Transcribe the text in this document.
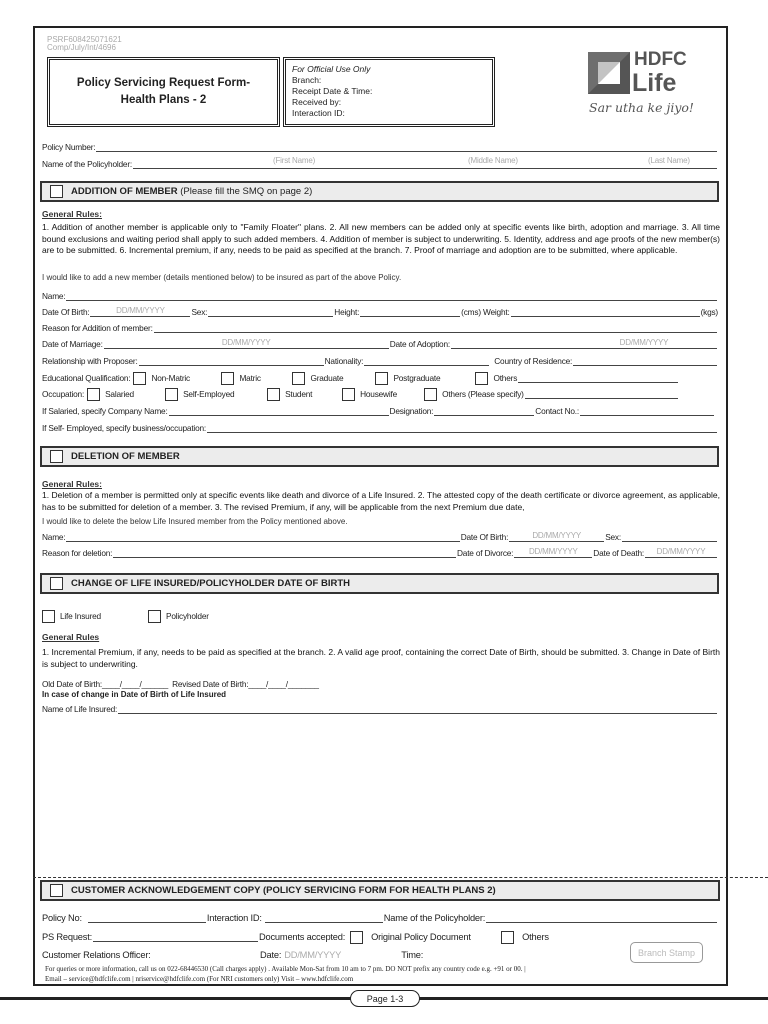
PSRF608425071621
Comp/July/Int/4696
Policy Servicing Request Form-
Health Plans - 2
For Official Use Only
Branch:
Receipt Date & Time:
Received by:
Interaction ID:
HDFC
Life
Sar utha ke jiyo!
Policy Number:
Name of the Policyholder:	(First Name)	(Middle Name)	(Last Name)
ADDITION OF MEMBER (Please fill the SMQ on page 2)
General Rules:
1. Addition of another member is applicable only to "Family Floater" plans. 2. All new members can be added only at specific events like birth, adoption and marriage. 3. All time bound exclusions and waiting period shall apply to such added members. 4. Addition of member is subject to underwriting. 5. Identity, address and age proofs of the new member(s) are to be submitted. 6. Incremental premium, if any, needs to be paid as specified at the branch. 7. Proof of marriage and adoption are to be submitted, where applicable.
I would like to add a new member (details mentioned below) to be insured as part of the above Policy.
Name:
Date Of Birth:	DD/MM/YYYY	Sex:	Height:	(cms) Weight:	(kgs)
Reason for Addition of member:
Date of Marriage:	DD/MM/YYYY	Date of Adoption:	DD/MM/YYYY
Relationship with Proposer:	Nationality:	Country of Residence:
Educational Qualification:	Non-Matric	Matric	Graduate	Postgraduate	Others
Occupation:	Salaried	Self-Employed	Student	Housewife	Others (Please specify)
If Salaried, specify Company Name:	Designation:	Contact No.:
If Self- Employed, specify business/occupation:
DELETION OF MEMBER
General Rules:
1. Deletion of a member is permitted only at specific events like death and divorce of a Life Insured. 2. The attested copy of the death certificate or divorce agreement, as applicable, has to be submitted for deletion of a member. 3. The revised Premium, if any, will be applicable from the next Premium due date,
I would like to delete the below Life Insured member from the Policy mentioned above.
Name:	Date Of Birth:	DD/MM/YYYY	Sex:
Reason for deletion:	Date of Divorce:	DD/MM/YYYY	Date of Death:	DD/MM/YYYY
CHANGE OF LIFE INSURED/POLICYHOLDER DATE OF BIRTH
Life Insured	Policyholder
General Rules
1. Incremental Premium, if any, needs to be paid as specified at the branch. 2. A valid age proof, containing the correct Date of Birth, should be submitted. 3. Change in Date of Birth is subject to underwriting.
Old Date of Birth:____/____/______ Revised Date of Birth:____/____/_______
In case of change in Date of Birth of Life Insured
Name of Life Insured:
CUSTOMER ACKNOWLEDGEMENT COPY (POLICY SERVICING FORM FOR HEALTH PLANS 2)
Policy No:	Interaction ID:	Name of the Policyholder:
PS Request:	Documents accepted:	Original Policy Document	Others
Customer Relations Officer:	Date: DD/MM/YYYY	Time:	Branch Stamp
For queries or more information, call us on 022-68446530 (Call charges apply) . Available Mon-Sat from 10 am to 7 pm. DO NOT prefix any country code e.g. +91 or 00. |
Email – service@hdfclife.com | nriservice@hdfclife.com (For NRI customers only) Visit – www.hdfclife.com
Page 1-3
